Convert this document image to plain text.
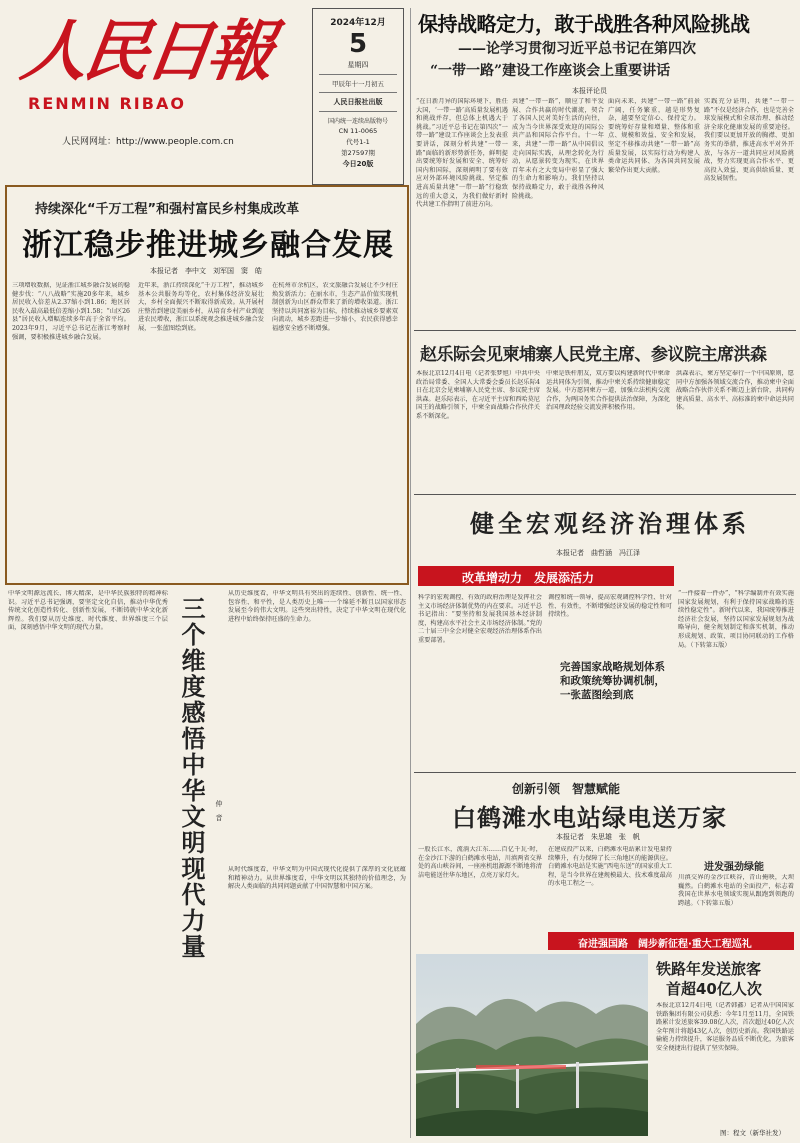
人民日報
RENMIN RIBAO
人民网网址：http://www.people.com.cn
2024年12月
5
星期四
甲辰年十一月初五
人民日报社出版
国内统一连续出版物号
CN 11-0065
代号1-1
第27597期
今日20版
保持战略定力，敢于战胜各种风险挑战
——论学习贯彻习近平总书记在第四次
“一带一路”建设工作座谈会上重要讲话
本报评论员
“在日新月异的国际环境下，胜任大国，‘一带一路’高质量发展机遇和挑战并存，但总体上机遇大于挑战。”习近平总书记在第四次“一带一路”建设工作座谈会上发表重要讲话，深刻分析共建“一带一路”面临的新形势新任务，鲜明提出要统筹好发展和安全、统筹好国内和国际，深刻阐明了要有效应对外部环境风险挑战、坚定推进高质量共建“一带一路”行稳致远的重大意义，为我们做好新时代共建工作指明了前进方向。
共建“一带一路”，顺应了和平发展、合作共赢的时代潮流，契合了各国人民对美好生活的向往，成为当今世界深受欢迎的国际公共产品和国际合作平台。十一年来，共建“一带一路”从中国倡议走向国际实践，从理念转化为行动，从愿景转变为现实，在世界百年未有之大变局中彰显了强大的生命力和影响力。我们坚持以保持战略定力，敢于战胜各种风险挑战。
面向未来，共建“一带一路”前景广阔，任务繁重，越是形势复杂，越要坚定信心、保持定力。要统筹好存量和增量、整体和重点、规模和效益、安全和发展，坚定不移推动共建“一带一路”高质量发展，以实际行动为构建人类命运共同体、为各国共同发展繁荣作出更大贡献。
实践充分证明，共建“一带一路”不仅是经济合作，也是完善全球发展模式和全球治理、推动经济全球化健康发展的重要途径。我们要以更加开放的胸襟、更加务实的举措，推进高水平对外开放，与各方一道共同应对风险挑战，努力实现更高合作水平、更高投入效益、更高供给质量、更高发展韧性。
持续深化“千万工程”和强村富民乡村集成改革
浙江稳步推进城乡融合发展
本报记者　李中文　刘军国　窦　皓
三项增收数据，见证浙江城乡融合发展的稳健步伐：“八八战略”实施20多年来，城乡居民收入倍差从2.37缩小到1.86；地区居民收入最高最低倍差缩小到1.58；“山区26县”居民收入增幅连续多年高于全省平均。2023年9月，习近平总书记在浙江考察时强调，要积极推进城乡融合发展。
近年来，浙江持续深化“千万工程”，推动城乡基本公共服务均等化，农村集体经济发展壮大，乡村全面振兴不断取得新成效。从开展村庄整治到建设美丽乡村，从培育乡村产业到促进农民增收，浙江以系统观念推进城乡融合发展，一张蓝图绘到底。
在杭州市余杭区，农文旅融合发展让不少村庄焕发新活力；在丽水市，生态产品价值实现机制创新为山区群众带来了新的增收渠道。浙江坚持以共同富裕为目标，持续推动城乡要素双向流动，城乡差距进一步缩小，农民获得感幸福感安全感不断增强。
中华文明源远流长、博大精深，是中华民族独特的精神标识。习近平总书记强调，要坚定文化自信，推动中华优秀传统文化创造性转化、创新性发展，不断铸就中华文化新辉煌。我们要从历史维度、时代维度、世界维度三个层面，深刻感悟中华文明的现代力量。	三个维度感悟中华文明现代力量 仲　音
从历史维度看，中华文明具有突出的连续性、创新性、统一性、包容性、和平性，是人类历史上唯一一个绵延不断且以国家形态发展至今的伟大文明。这些突出特性，决定了中华文明在现代化进程中始终保持旺盛的生命力。
从时代维度看，中华文明为中国式现代化提供了深厚的文化底蕴和精神动力。从世界维度看，中华文明以其独特的价值理念，为解决人类面临的共同问题贡献了中国智慧和中国方案。
赵乐际会见柬埔寨人民党主席、参议院主席洪森
本报北京12月4日电（记者张梦旭）中共中央政治局常委、全国人大常委会委员长赵乐际4日在北京会见柬埔寨人民党主席、参议院主席洪森。赵乐际表示，在习近平主席和西哈莫尼国王的战略引领下，中柬全面战略合作伙伴关系不断深化。
中柬是铁杆朋友，双方要以构建新时代中柬命运共同体为引领，推动中柬关系持续健康稳定发展。中方愿同柬方一道，加强立法机构交流合作，为两国务实合作提供法治保障，为深化治国理政经验交流发挥积极作用。
洪森表示，柬方坚定奉行一个中国原则，愿同中方加强各领域交流合作，推动柬中全面战略合作伙伴关系不断迈上新台阶，共同构建高质量、高水平、高标准的柬中命运共同体。
健全宏观经济治理体系
本报记者　曲哲涵　冯江泽
改革增动力　发展添活力
科学的宏观调控、有效的政府治理是发挥社会主义市场经济体制优势的内在要求。习近平总书记指出：“要坚持和发展我国基本经济制度，构建高水平社会主义市场经济体制。”党的二十届三中全会对健全宏观经济治理体系作出重要部署。
调控和统一领导，提高宏观调控科学性、针对性、有效性，不断增强经济发展的稳定性和可持续性。
完善国家战略规划体系和政策统筹协调机制，一张蓝图绘到底
“一件接着一件办”，“科学编制并有效实施国家发展规划，有利于保持国家战略的连续性稳定性”。新时代以来，我国统筹推进经济社会发展，坚持以国家发展规划为战略导向，健全规划制定和落实机制，推动形成规划、政策、项目协同联动的工作格局。（下转第五版）
创新引领　智慧赋能
白鹤滩水电站绿电送万家
本报记者　朱思雄　张　帆
一股长江水，流淌大江东……百亿千瓦·时，在金沙江下游的白鹤滩水电站，川滇两省交界处的高山峡谷间，一座座机组源源不断地将清洁电能送往华东地区，点亮万家灯火。
在建成投产以来，白鹤滩水电站累计发电量持续攀升，有力保障了长三角地区的能源供应。白鹤滩水电站是实施“西电东送”的国家重大工程，是当今世界在建规模最大、技术难度最高的水电工程之一。
进发强劲绿能
川滇交界的金沙江峡谷，青山掩映，大坝巍然。白鹤滩水电站的全面投产，标志着我国在世界水电领域实现从跟跑到领跑的跨越。（下转第五版）
奋进强国路　阔步新征程·重大工程巡礼
铁路年发送旅客
首超40亿人次
本报北京12月4日电（记者韩鑫）记者从中国国家铁路集团有限公司获悉：今年1月至11月，全国铁路累计发送旅客39.08亿人次，首次超过40亿人次全年预计将超43亿人次，创历史新高。我国铁路运输能力持续提升，客运服务品质不断优化，为旅客安全便捷出行提供了坚实保障。
图：程文（新华社发）
